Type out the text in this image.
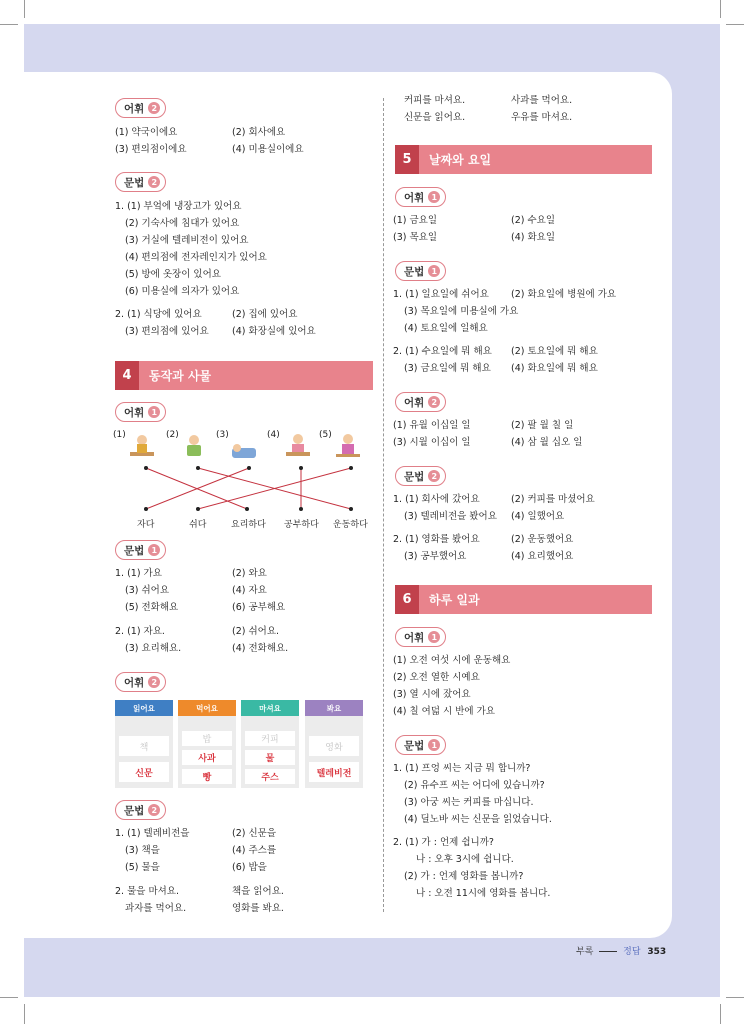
어휘 2
(1) 약국이에요	(2) 회사에요
(3) 편의점이에요	(4) 미용실이에요
문법 2
1. (1) 부엌에 냉장고가 있어요
(2) 기숙사에 침대가 있어요
(3) 거실에 텔레비전이 있어요
(4) 편의점에 전자레인지가 있어요
(5) 방에 옷장이 있어요
(6) 미용실에 의자가 있어요
2. (1) 식당에 있어요	(2) 집에 있어요
(3) 편의점에 있어요 (4) 화장실에 있어요
4	동작과 사물
어휘 1
(1)	(2)	(3)	(4)	(5)
자다	쉬다	요리하다 공부하다 운동하다
문법 1
1. (1) 가요	(2) 와요
(3) 쉬어요	(4) 자요
(5) 전화해요	(6) 공부해요
2. (1) 자요.	(2) 쉬어요.
(3) 요리해요.	(4) 전화해요.
어휘 2
읽어요
책
신문
먹어요
밥
사과
빵
마셔요
커피
물
주스
봐요
영화
텔레비전
문법 2
1. (1) 텔레비전을	(2) 신문을
(3) 책을	(4) 주스를
(5) 물을	(6) 밥을
2. 물을 마셔요.	책을 읽어요.
과자를 먹어요.	영화를 봐요.
커피를 마셔요.	사과를 먹어요.
신문을 읽어요.	우유를 마셔요.
5	날짜와 요일
어휘 1
(1) 금요일	(2) 수요일
(3) 목요일	(4) 화요일
문법 1
1. (1) 일요일에 쉬어요 (2) 화요일에 병원에 가요
(3) 목요일에 미용실에 가요
(4) 토요일에 일해요
2. (1) 수요일에 뭐 해요 (2) 토요일에 뭐 해요
(3) 금요일에 뭐 해요 (4) 화요일에 뭐 해요
어휘 2
(1) 유월 이십일 일	(2) 팔 월 칠 일
(3) 시월 이십이 일	(4) 삼 월 십오 일
문법 2
1. (1) 회사에 갔어요	(2) 커피를 마셨어요
(3) 텔레비전을 봤어요 (4) 일했어요
2. (1) 영화를 봤어요	(2) 운동했어요
(3) 공부했어요	(4) 요리했어요
6	하루 일과
어휘 1
(1) 오전 여섯 시에 운동해요
(2) 오전 열한 시예요
(3) 열 시에 잤어요
(4) 칠 여덟 시 반에 가요
문법 1
1. (1) 프엉 씨는 지금 뭐 합니까?
(2) 유수프 씨는 어디에 있습니까?
(3) 아궁 씨는 커피를 마십니다.
(4) 딜노바 씨는 신문을 읽었습니다.
2. (1) 가 : 언제 쉽니까?
나 : 오후 3시에 쉽니다.
(2) 가 : 언제 영화를 봅니까?
나 : 오전 11시에 영화를 봅니다.
부록	정답 353
